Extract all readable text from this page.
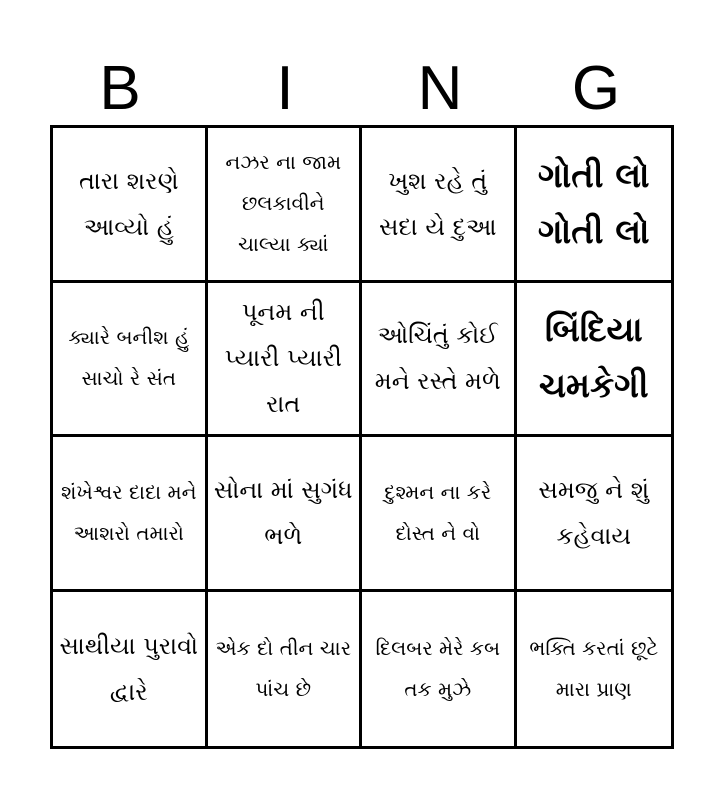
B	I	N	G
તારા શરણે આવ્યો હું
નઝર ના જામ છલકાવીને ચાલ્યા ક્યાં
ખુશ રહે તું સદા યે દુઆ
ગોતી લો ગોતી લો
ક્યારે બનીશ હું સાચો રે સંત
પૂનમ ની પ્યારી પ્યારી રાત
ઓચિંતું કોઈ મને રસ્તે મળે
બિંદિયા ચમકેગી
શંખેશ્વર દાદા મને આશરો તમારો
સોના માં સુગંધ ભળે
દુશ્મન ના કરે દોસ્ત ને વો
સમજુ ને શું કહેવાય
સાથીયા પુરાવો દ્વારે
એક દો તીન ચાર પાંચ છે
દિલબર મેરે કબ તક મુઝે
ભક્તિ કરતાં છૂટે મારા પ્રાણ
